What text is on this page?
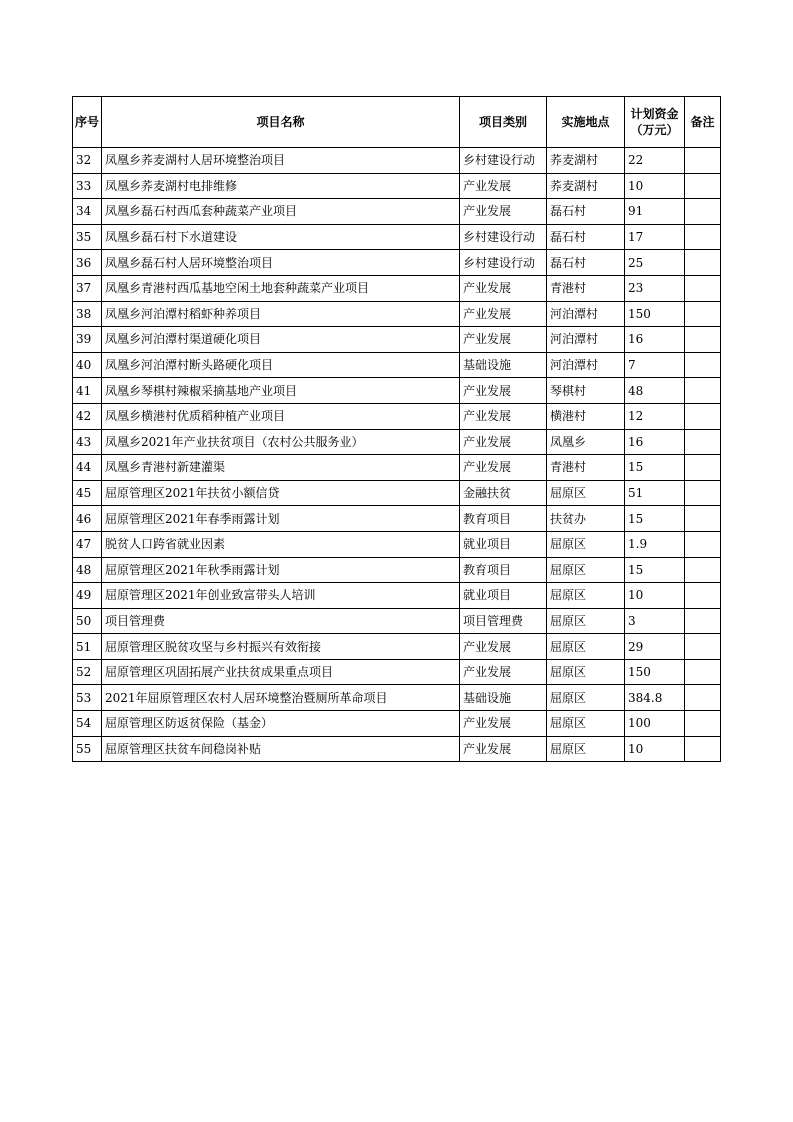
序号	项目名称	项目类别	实施地点	计划资金（万元）	备注
32	凤凰乡荞麦湖村人居环境整治项目	乡村建设行动	荞麦湖村	22	
33	凤凰乡荞麦湖村电排维修	产业发展	荞麦湖村	10	
34	凤凰乡磊石村西瓜套种蔬菜产业项目	产业发展	磊石村	91	
35	凤凰乡磊石村下水道建设	乡村建设行动	磊石村	17	
36	凤凰乡磊石村人居环境整治项目	乡村建设行动	磊石村	25	
37	凤凰乡青港村西瓜基地空闲土地套种蔬菜产业项目	产业发展	青港村	23	
38	凤凰乡河泊潭村稻虾种养项目	产业发展	河泊潭村	150	
39	凤凰乡河泊潭村渠道硬化项目	产业发展	河泊潭村	16	
40	凤凰乡河泊潭村断头路硬化项目	基础设施	河泊潭村	7	
41	凤凰乡琴棋村辣椒采摘基地产业项目	产业发展	琴棋村	48	
42	凤凰乡横港村优质稻种植产业项目	产业发展	横港村	12	
43	凤凰乡2021年产业扶贫项目（农村公共服务业）	产业发展	凤凰乡	16	
44	凤凰乡青港村新建灌渠	产业发展	青港村	15	
45	屈原管理区2021年扶贫小额信贷	金融扶贫	屈原区	51	
46	屈原管理区2021年春季雨露计划	教育项目	扶贫办	15	
47	脱贫人口跨省就业因素	就业项目	屈原区	1.9	
48	屈原管理区2021年秋季雨露计划	教育项目	屈原区	15	
49	屈原管理区2021年创业致富带头人培训	就业项目	屈原区	10	
50	项目管理费	项目管理费	屈原区	3	
51	屈原管理区脱贫攻坚与乡村振兴有效衔接	产业发展	屈原区	29	
52	屈原管理区巩固拓展产业扶贫成果重点项目	产业发展	屈原区	150	
53	2021年屈原管理区农村人居环境整治暨厕所革命项目	基础设施	屈原区	384.8	
54	屈原管理区防返贫保险（基金）	产业发展	屈原区	100	
55	屈原管理区扶贫车间稳岗补贴	产业发展	屈原区	10	
